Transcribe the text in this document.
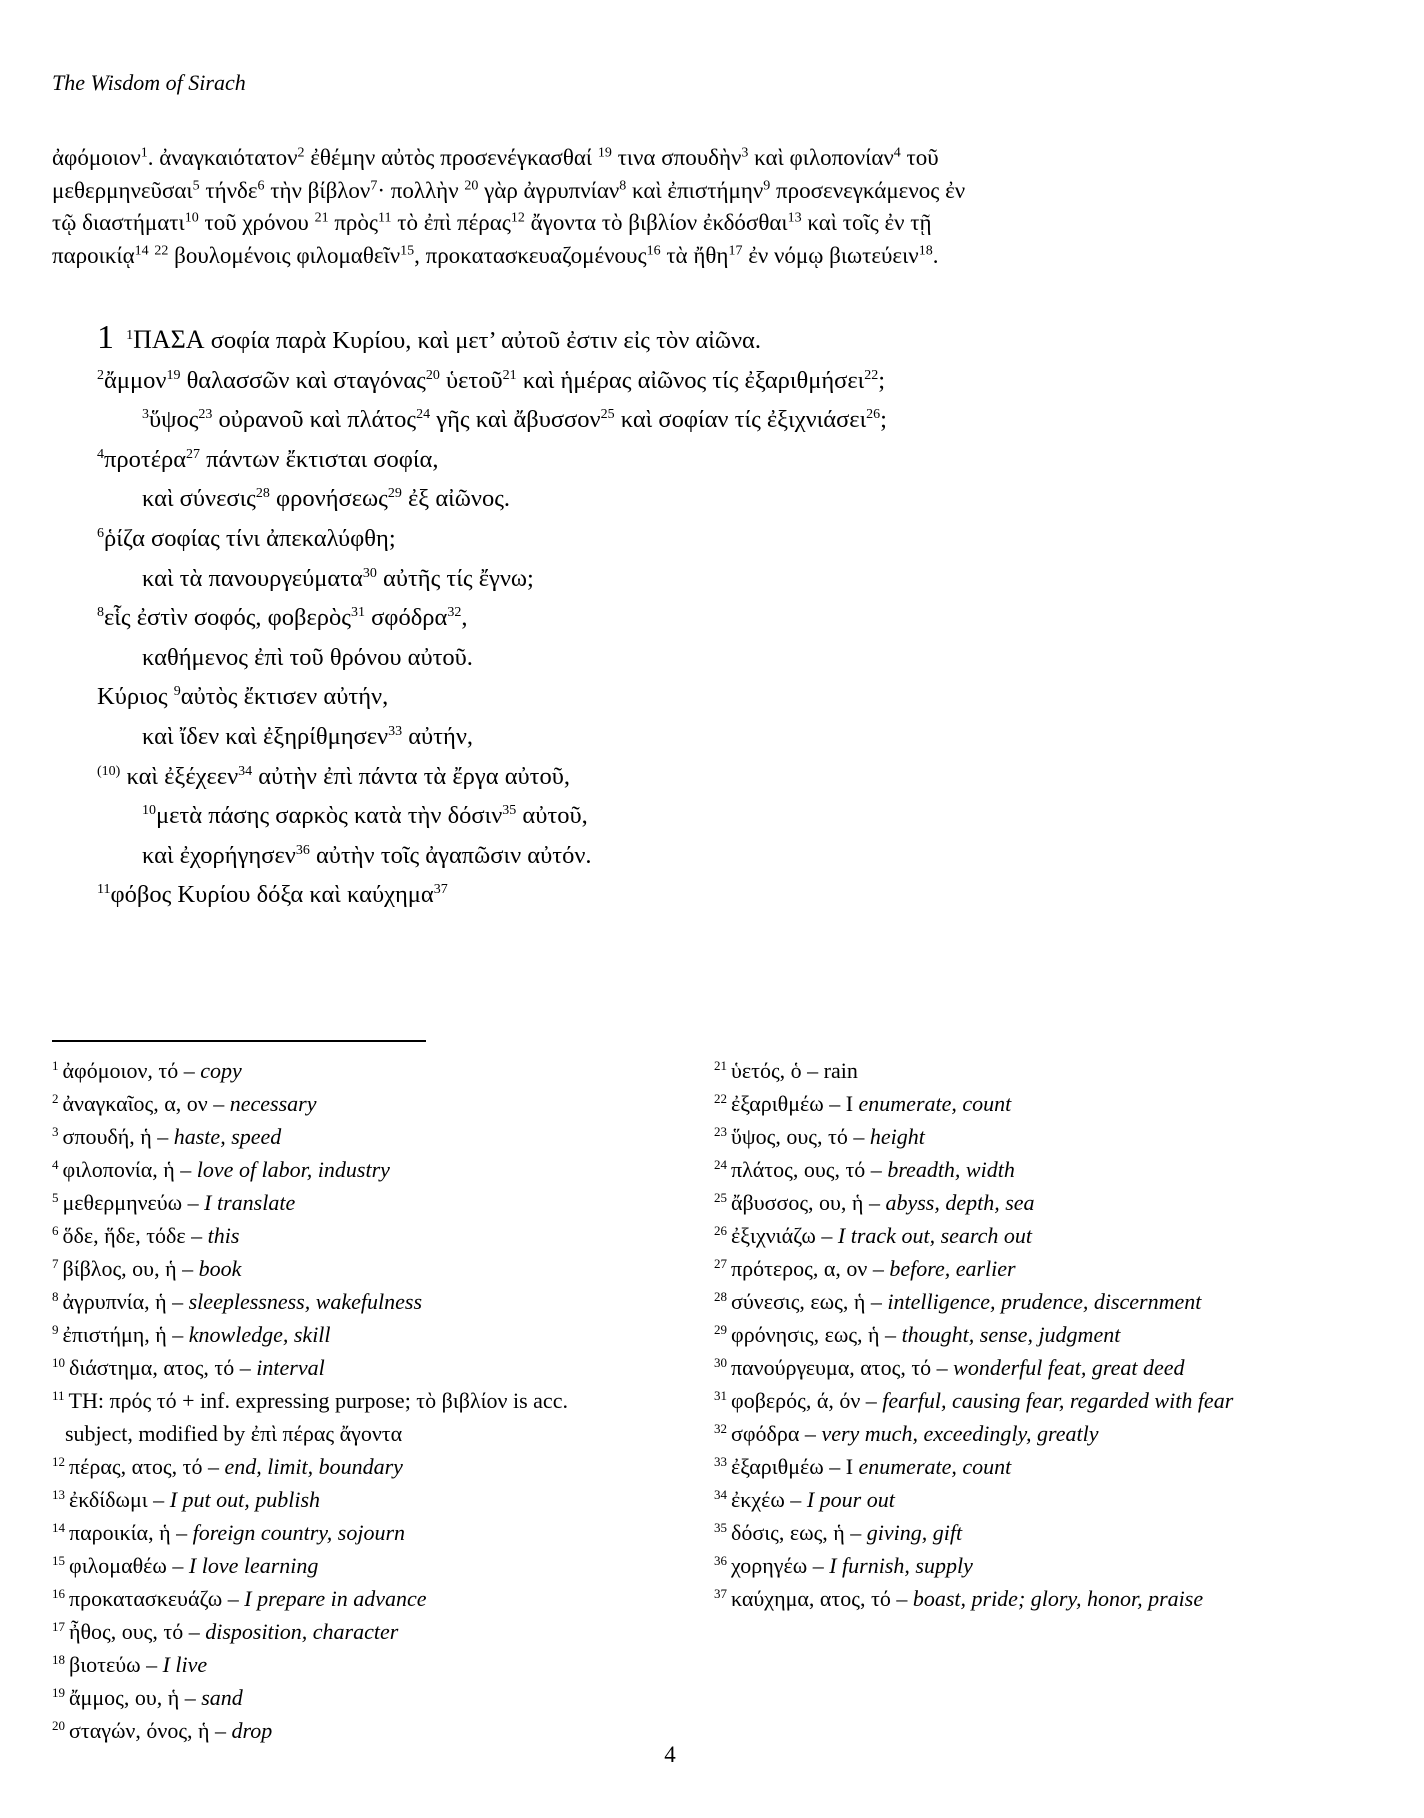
The Wisdom of Sirach
ἀφόμοιον$^1$. ἀναγκαιότατον$^2$ ἐθέμην αὐτὸς προσενέγκασθαί $^{19}$ τινα σπουδὴν$^3$ καὶ φιλοπονίαν$^4$ τοῦ
μεθερμηνεῦσαι$^5$ τήνδε$^6$ τὴν βίβλον$^7$· πολλὴν $^{20}$ γὰρ ἀγρυπνίαν$^8$ καὶ ἐπιστήμην$^9$ προσενεγκάμενος ἐν
τῷ διαστήματι$^{10}$ τοῦ χρόνου $^{21}$ πρὸς$^{11}$ τὸ ἐπὶ πέρας$^{12}$ ἄγοντα τὸ βιβλίον ἐκδόσθαι$^{13}$ καὶ τοῖς ἐν τῇ
παροικίᾳ$^{14}$ $^{22}$ βουλομένοις φιλομαθεῖν$^{15}$, προκατασκευαζομένους$^{16}$ τὰ ἤθη$^{17}$ ἐν νόμῳ βιωτεύειν$^{18}$.
1 $^1$ΠΑΣΑ σοφία παρὰ Κυρίου, καὶ μετ’ αὐτοῦ ἐστιν εἰς τὸν αἰῶνα.
$^2$ἄμμον$^{19}$ θαλασσῶν καὶ σταγόνας$^{20}$ ὑετοῦ$^{21}$ καὶ ἡμέρας αἰῶνος τίς ἐξαριθμήσει$^{22}$;
$^3$ὕψος$^{23}$ οὐρανοῦ καὶ πλάτος$^{24}$ γῆς καὶ ἄβυσσον$^{25}$ καὶ σοφίαν τίς ἐξιχνιάσει$^{26}$;
$^4$προτέρα$^{27}$ πάντων ἔκτισται σοφία,
καὶ σύνεσις$^{28}$ φρονήσεως$^{29}$ ἐξ αἰῶνος.
$^6$ῥίζα σοφίας τίνι ἀπεκαλύφθη;
καὶ τὰ πανουργεύματα$^{30}$ αὐτῆς τίς ἔγνω;
$^8$εἷς ἐστὶν σοφός, φοβερὸς$^{31}$ σφόδρα$^{32}$,
καθήμενος ἐπὶ τοῦ θρόνου αὐτοῦ.
Κύριος $^9$αὐτὸς ἔκτισεν αὐτήν,
καὶ ἴδεν καὶ ἐξηρίθμησεν$^{33}$ αὐτήν,
$^{(10)}$ καὶ ἐξέχεεν$^{34}$ αὐτὴν ἐπὶ πάντα τὰ ἔργα αὐτοῦ,
$^{10}$μετὰ πάσης σαρκὸς κατὰ τὴν δόσιν$^{35}$ αὐτοῦ,
καὶ ἐχορήγησεν$^{36}$ αὐτὴν τοῖς ἀγαπῶσιν αὐτόν.
$^{11}$φόβος Κυρίου δόξα καὶ καύχημα$^{37}$
$^1$ ἀφόμοιον, τό – copy
$^2$ ἀναγκαῖος, α, ον – necessary
$^3$ σπουδή, ἡ – haste, speed
$^4$ φιλοπονία, ἡ – love of labor, industry
$^5$ μεθερμηνεύω – I translate
$^6$ ὅδε, ἥδε, τόδε – this
$^7$ βίβλος, ου, ἡ – book
$^8$ ἀγρυπνία, ἡ – sleeplessness, wakefulness
$^9$ ἐπιστήμη, ἡ – knowledge, skill
$^{10}$ διάστημα, ατος, τό – interval
$^{11}$ TH: πρός τό + inf. expressing purpose; τὸ βιβλίον is acc. subject, modified by ἐπὶ πέρας ἄγοντα
$^{12}$ πέρας, ατος, τό – end, limit, boundary
$^{13}$ ἐκδίδωμι – I put out, publish
$^{14}$ παροικία, ἡ – foreign country, sojourn
$^{15}$ φιλομαθέω – I love learning
$^{16}$ προκατασκευάζω – I prepare in advance
$^{17}$ ἦθος, ους, τό – disposition, character
$^{18}$ βιοτεύω – I live
$^{19}$ ἄμμος, ου, ἡ – sand
$^{20}$ σταγών, όνος, ἡ – drop
$^{21}$ ὑετός, ὁ – rain
$^{22}$ ἐξαριθμέω – I enumerate, count
$^{23}$ ὕψος, ους, τό – height
$^{24}$ πλάτος, ους, τό – breadth, width
$^{25}$ ἄβυσσος, ου, ἡ – abyss, depth, sea
$^{26}$ ἐξιχνιάζω – I track out, search out
$^{27}$ πρότερος, α, ον – before, earlier
$^{28}$ σύνεσις, εως, ἡ – intelligence, prudence, discernment
$^{29}$ φρόνησις, εως, ἡ – thought, sense, judgment
$^{30}$ πανούργευμα, ατος, τό – wonderful feat, great deed
$^{31}$ φοβερός, ά, όν – fearful, causing fear, regarded with fear
$^{32}$ σφόδρα – very much, exceedingly, greatly
$^{33}$ ἐξαριθμέω – I enumerate, count
$^{34}$ ἐκχέω – I pour out
$^{35}$ δόσις, εως, ἡ – giving, gift
$^{36}$ χορηγέω – I furnish, supply
$^{37}$ καύχημα, ατος, τό – boast, pride; glory, honor, praise
4
